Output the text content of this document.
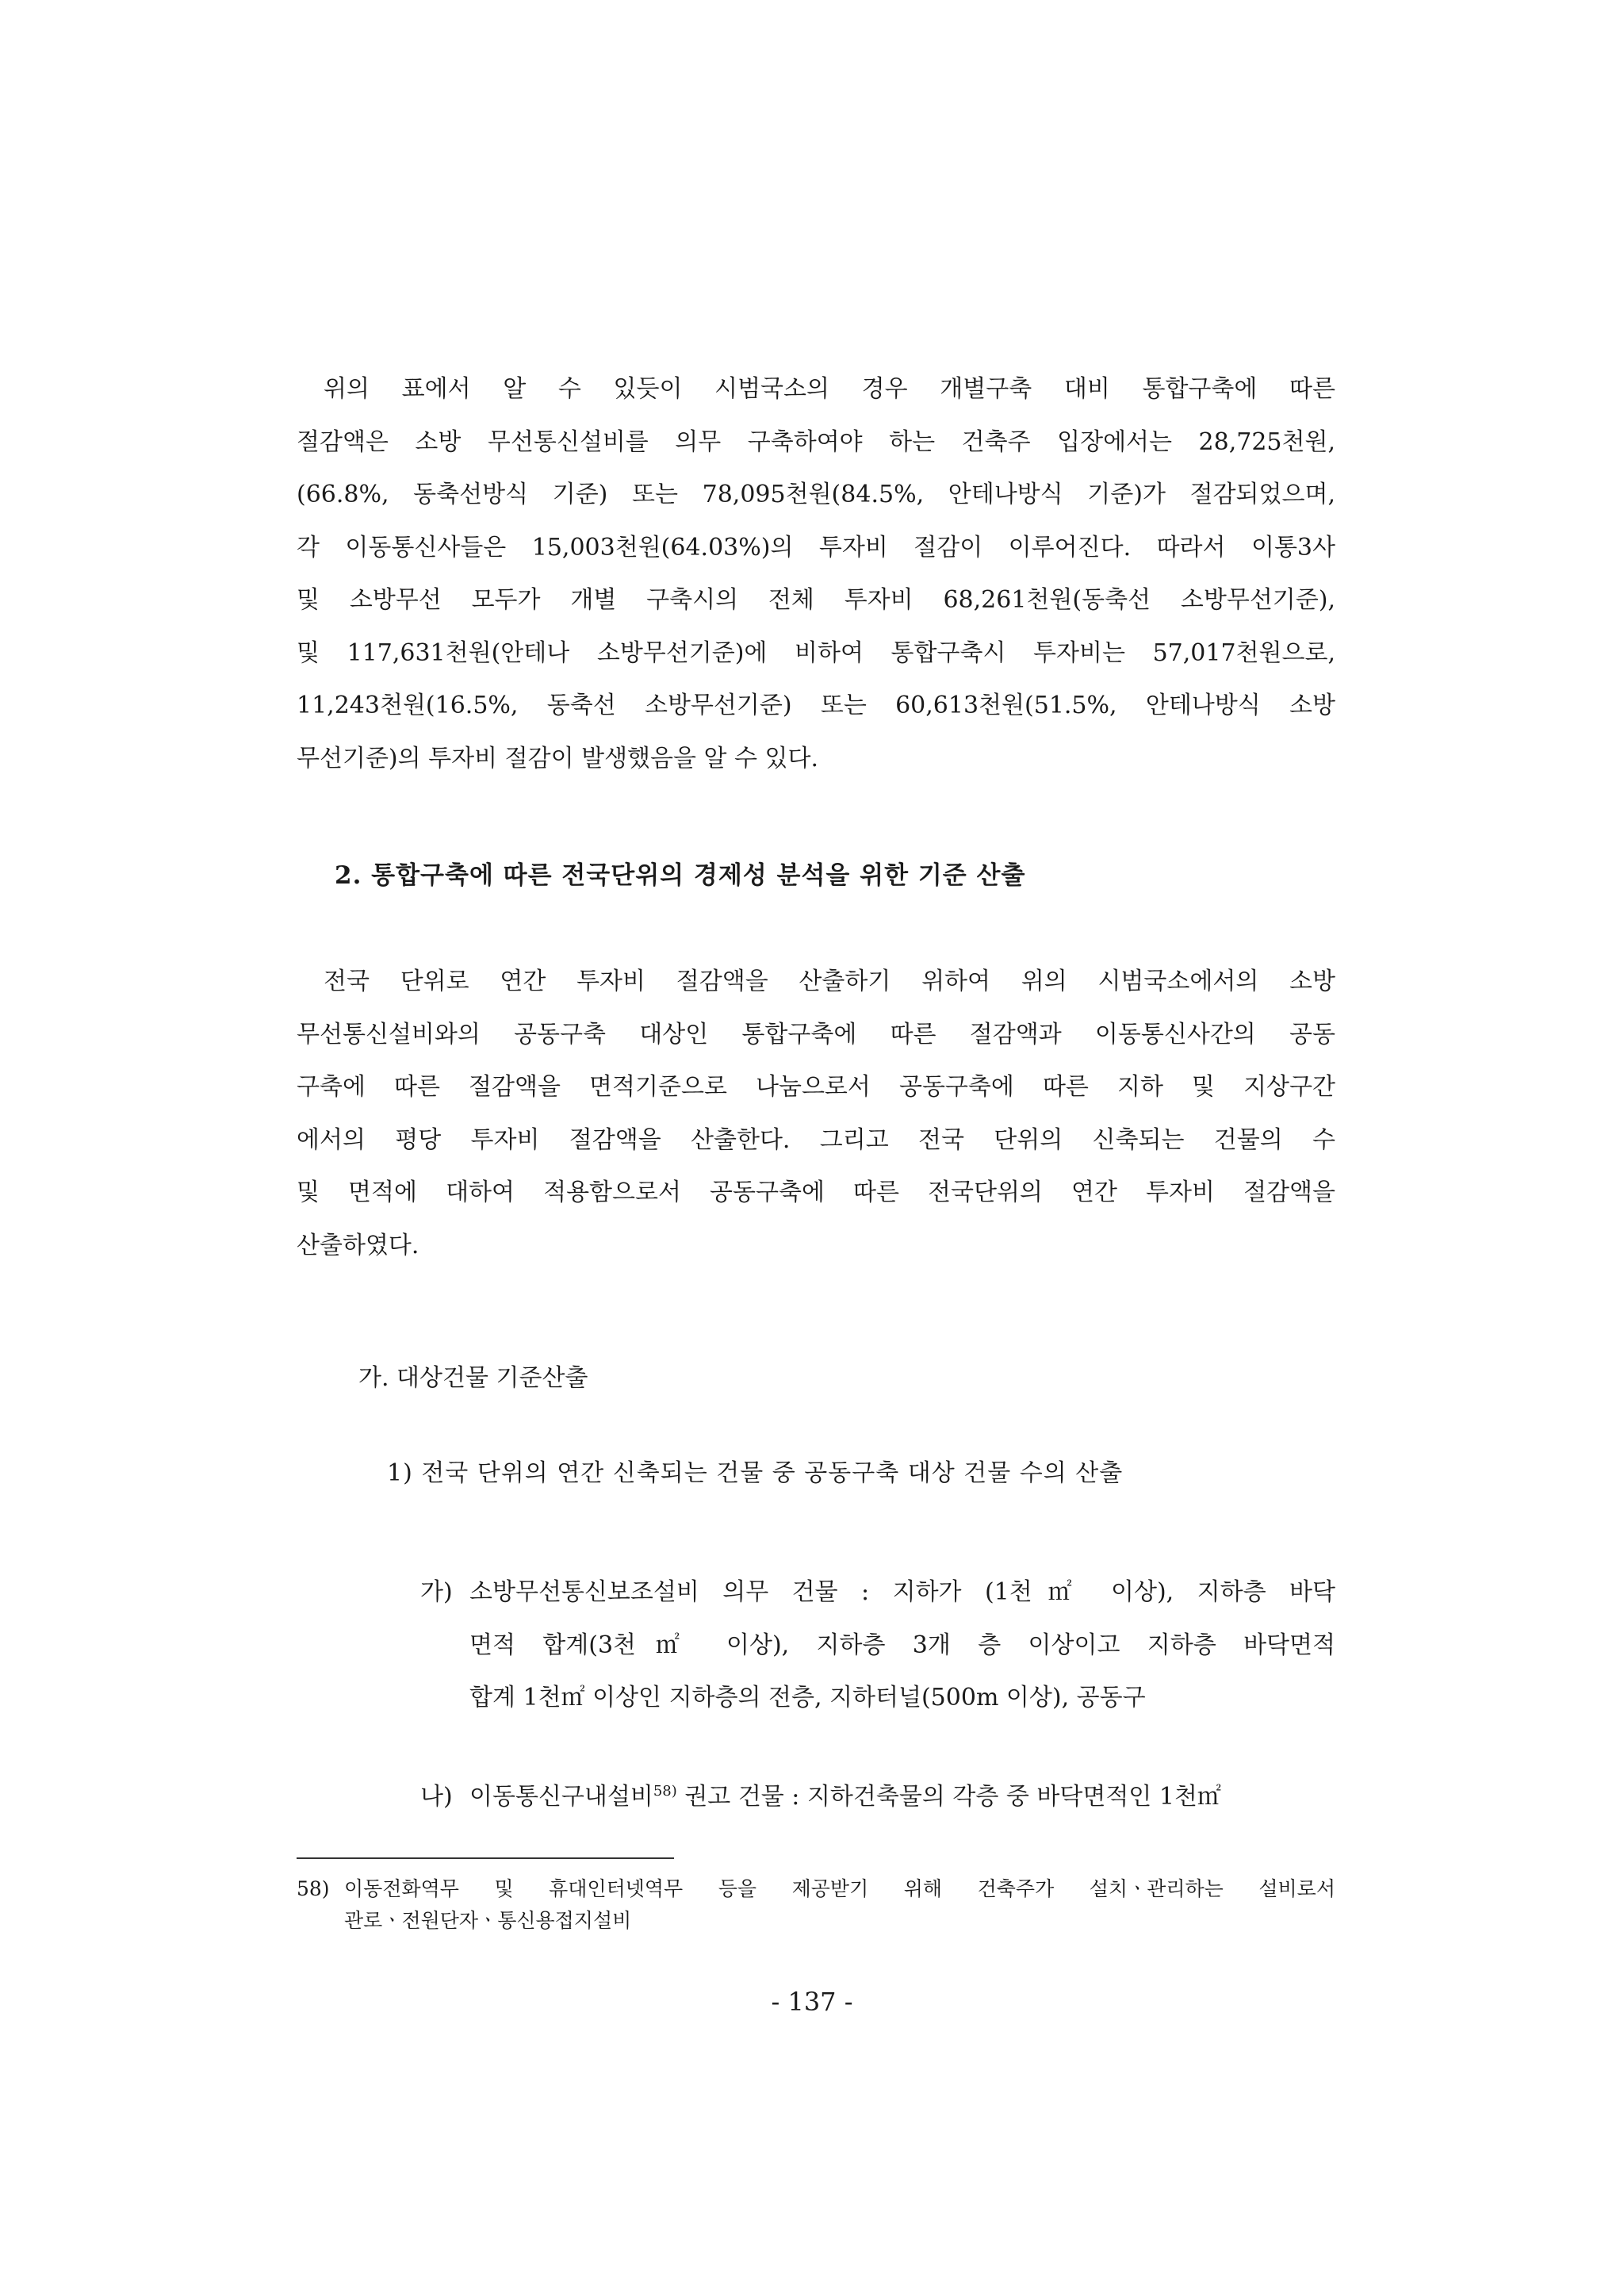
위의 표에서 알 수 있듯이 시범국소의 경우 개별구축 대비 통합구축에 따른

절감액은 소방 무선통신설비를 의무 구축하여야 하는 건축주 입장에서는 28,725천원,

(66.8%, 동축선방식 기준) 또는 78,095천원(84.5%, 안테나방식 기준)가 절감되었으며,

각 이동통신사들은 15,003천원(64.03%)의 투자비 절감이 이루어진다. 따라서 이통3사

및 소방무선 모두가 개별 구축시의 전체 투자비 68,261천원(동축선 소방무선기준),

및 117,631천원(안테나 소방무선기준)에 비하여 통합구축시 투자비는 57,017천원으로,

11,243천원(16.5%, 동축선 소방무선기준) 또는 60,613천원(51.5%, 안테나방식 소방

무선기준)의 투자비 절감이 발생했음을 알 수 있다.

2. 통합구축에 따른 전국단위의 경제성 분석을 위한 기준 산출

전국 단위로 연간 투자비 절감액을 산출하기 위하여 위의 시범국소에서의 소방

무선통신설비와의 공동구축 대상인 통합구축에 따른 절감액과 이동통신사간의 공동

구축에 따른 절감액을 면적기준으로 나눔으로서 공동구축에 따른 지하 및 지상구간

에서의 평당 투자비 절감액을 산출한다. 그리고 전국 단위의 신축되는 건물의 수

및 면적에 대하여 적용함으로서 공동구축에 따른 전국단위의 연간 투자비 절감액을

산출하였다.

가. 대상건물 기준산출
1) 전국 단위의 연간 신축되는 건물 중 공동구축 대상 건물 수의 산출
가) 소방무선통신보조설비 의무 건물 : 지하가 (1천㎡ 이상), 지하층 바닥
면적 합계(3천㎡ 이상), 지하층 3개 층 이상이고 지하층 바닥면적
합계 1천㎡ 이상인 지하층의 전층, 지하터널(500m 이상), 공동구
나) 이동통신구내설비$^{58)}$ 권고 건물 : 지하건축물의 각층 중 바닥면적인 1천㎡
58) 이동전화역무 및 휴대인터넷역무 등을 제공받기 위해 건축주가 설치ㆍ관리하는 설비로서
관로ㆍ전원단자ㆍ통신용접지설비
- 137 -
